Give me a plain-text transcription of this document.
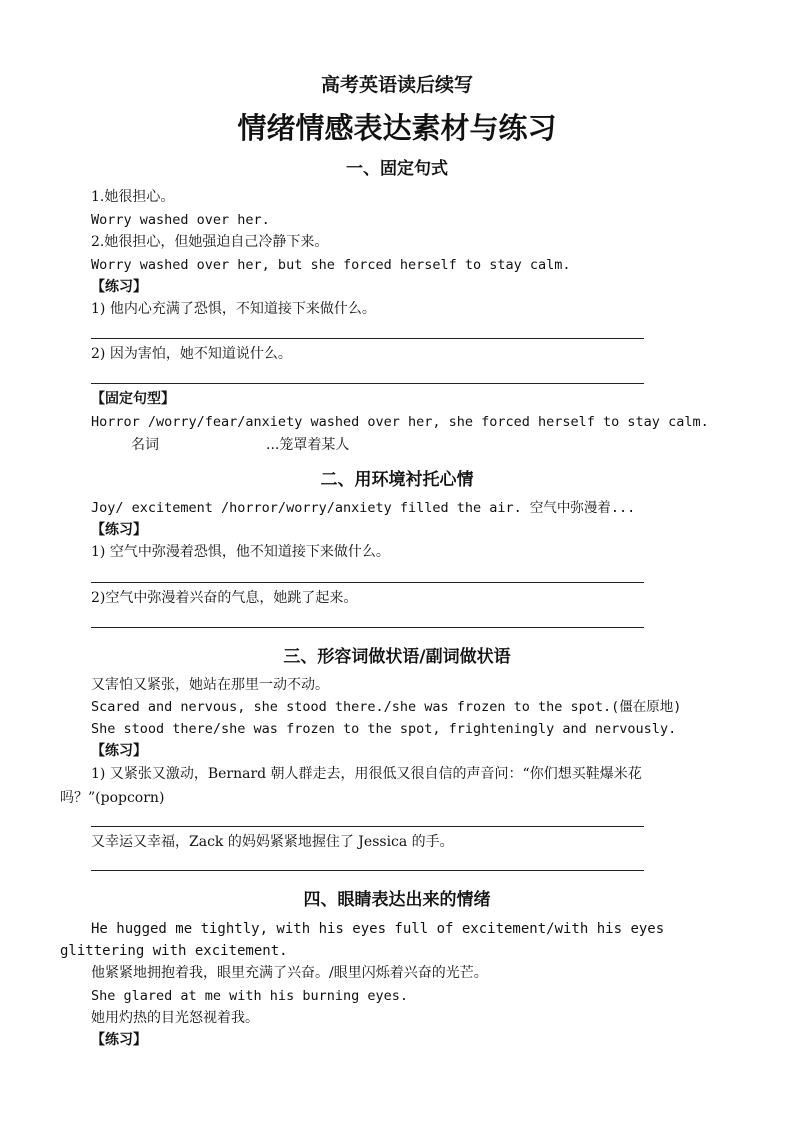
高考英语读后续写
情绪情感表达素材与练习
一、固定句式
1.她很担心。
Worry washed over her.
2.她很担心，但她强迫自己冷静下来。
Worry washed over her, but she forced herself to stay calm.
【练习】
1) 他内心充满了恐惧，不知道接下来做什么。
2) 因为害怕，她不知道说什么。
【固定句型】
Horror /worry/fear/anxiety washed over her, she forced herself to stay calm.
名词	...笼罩着某人
二、用环境衬托心情
Joy/ excitement /horror/worry/anxiety filled the air. 空气中弥漫着...
【练习】
1) 空气中弥漫着恐惧，他不知道接下来做什么。
2)空气中弥漫着兴奋的气息，她跳了起来。
三、形容词做状语/副词做状语
又害怕又紧张，她站在那里一动不动。
Scared and nervous, she stood there./she was frozen to the spot.(僵在原地)
She stood there/she was frozen to the spot, frighteningly and nervously.
【练习】
1) 又紧张又激动，Bernard 朝人群走去，用很低又很自信的声音问：“你们想买鞋爆米花
吗？”(popcorn)
又幸运又幸福，Zack 的妈妈紧紧地握住了 Jessica 的手。
四、眼睛表达出来的情绪
He hugged me tightly, with his eyes full of excitement/with his eyes glittering with excitement.
他紧紧地拥抱着我，眼里充满了兴奋。/眼里闪烁着兴奋的光芒。
She glared at me with his burning eyes.
她用灼热的目光怒视着我。
【练习】
